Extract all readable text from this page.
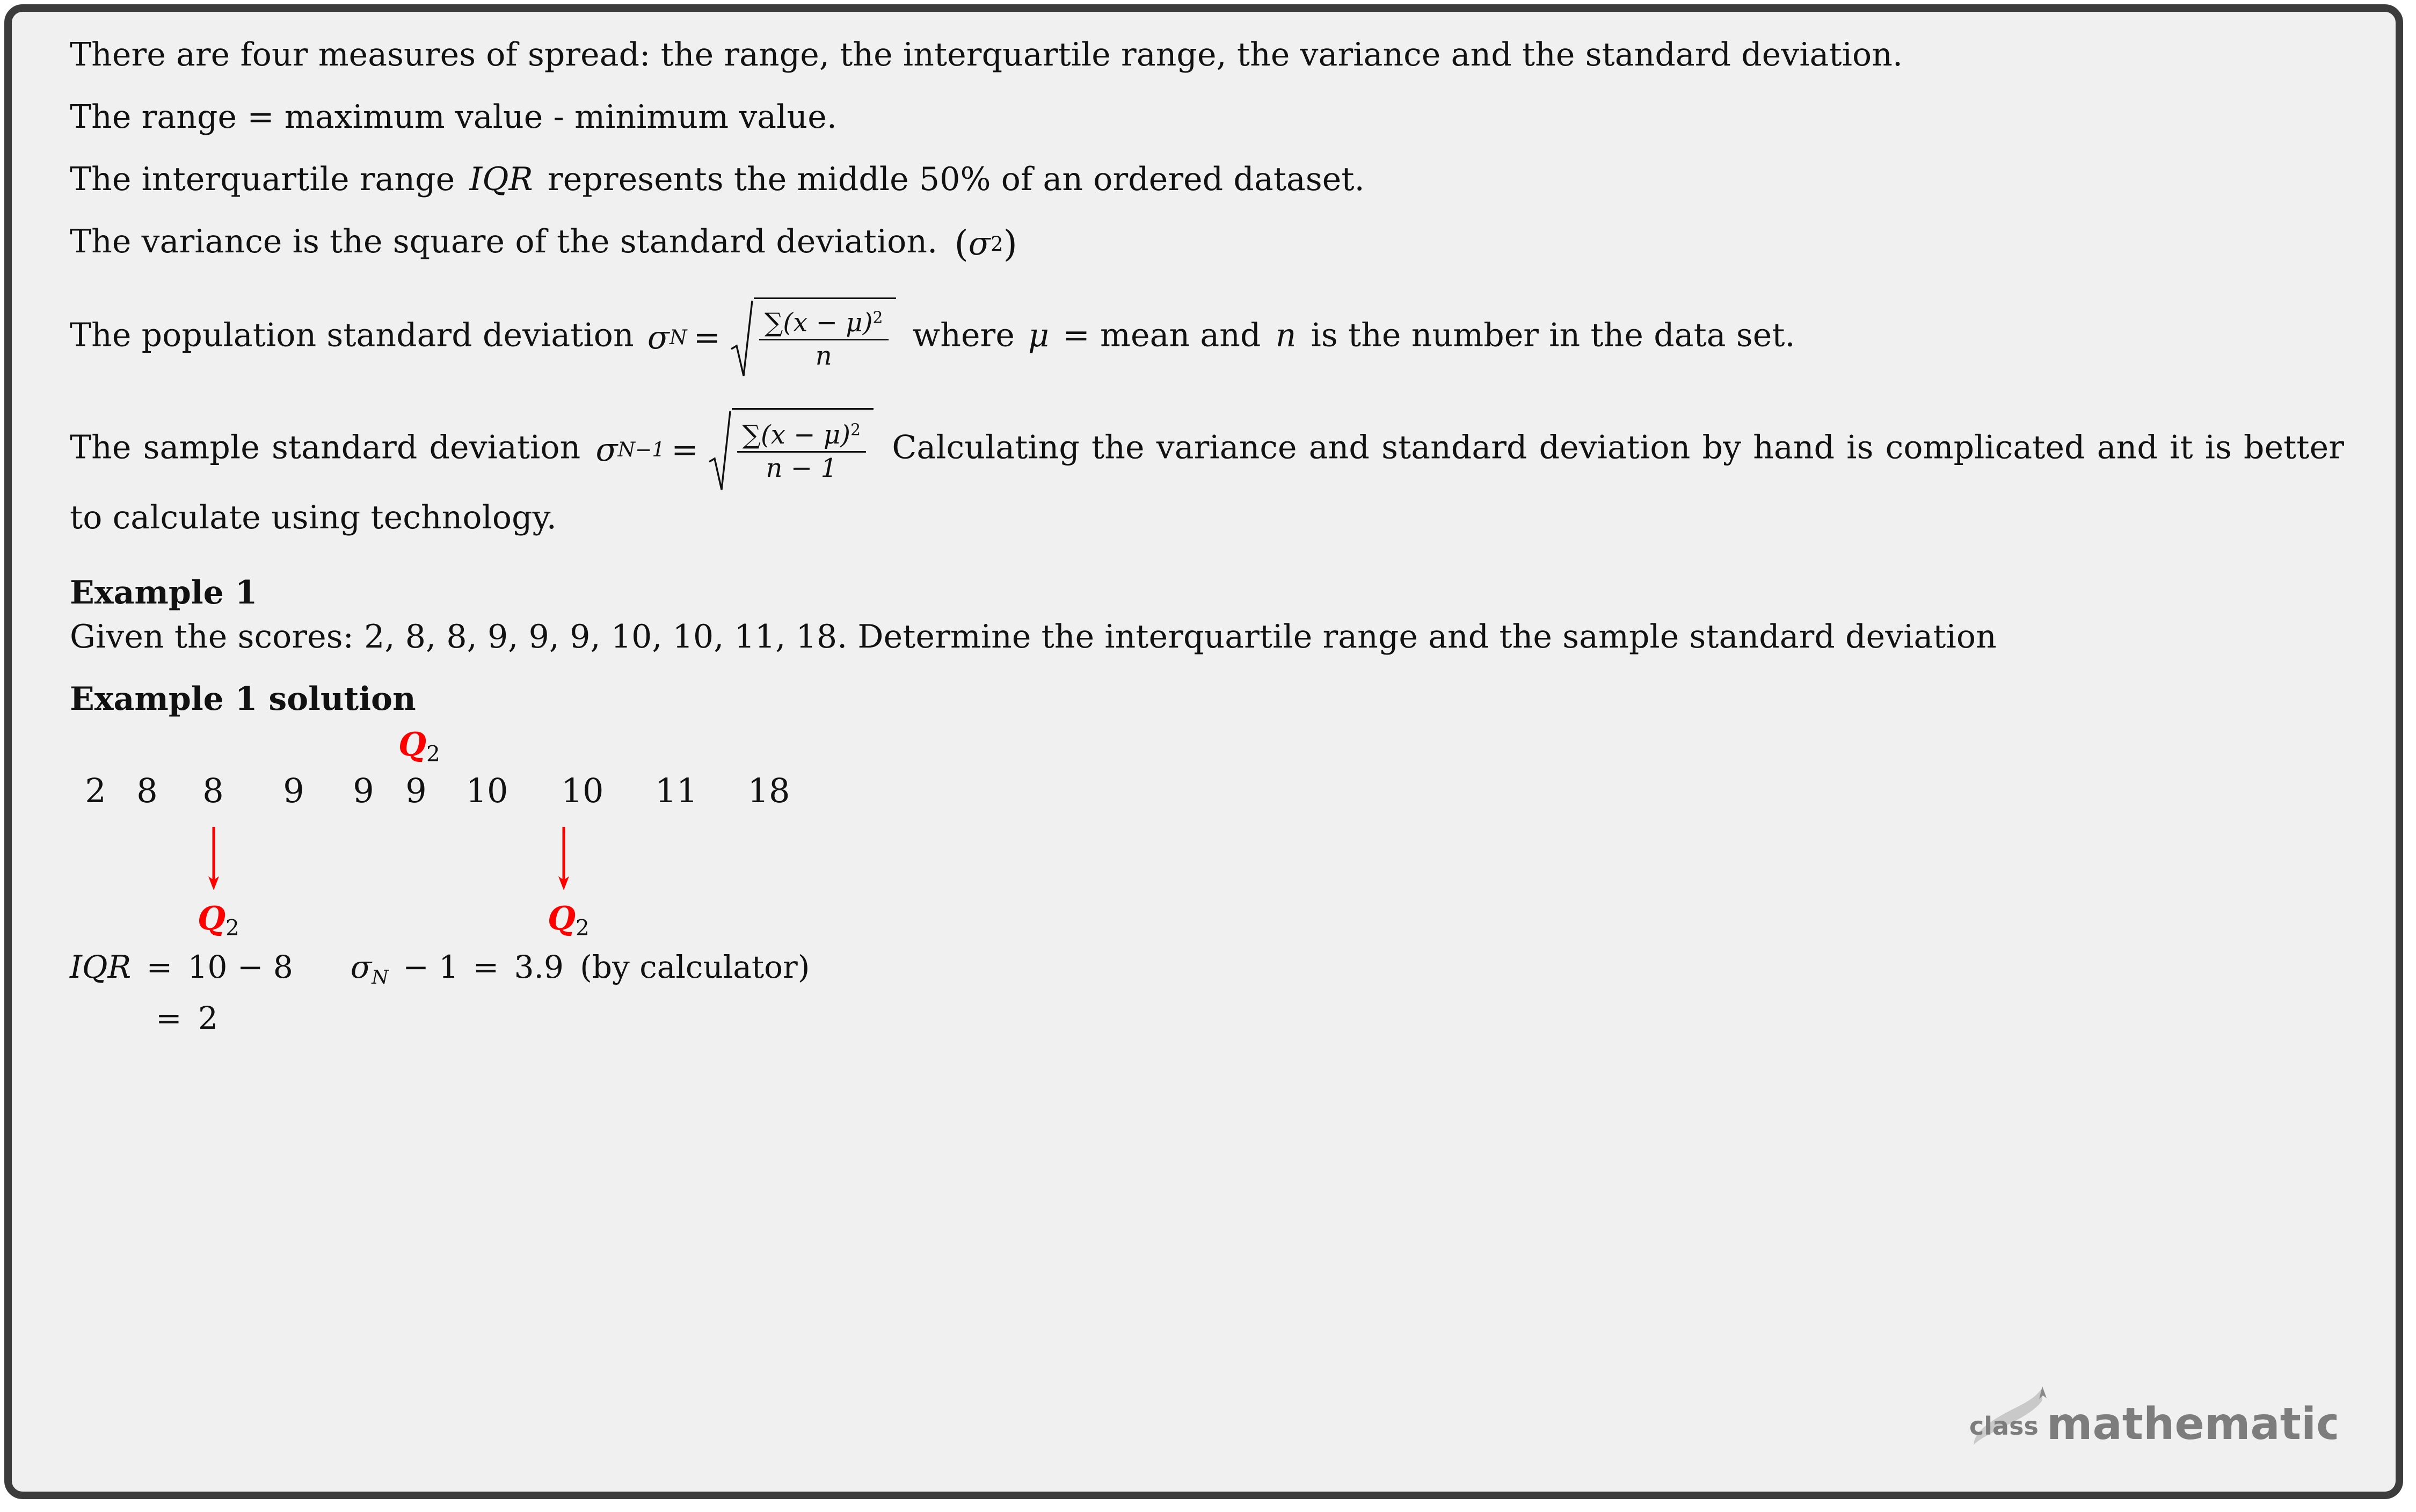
There are four measures of spread: the range, the interquartile range, the variance and the standard deviation.
The range = maximum value - minimum value.
The interquartile range IQR represents the middle 50% of an ordered dataset.
The variance is the square of the standard deviation. ( σ 2 )
The population standard deviation σ $N = \frac{\sum(x - \mu)^2}{n}$ where μ = mean and n is the number in the data set.
The sample standard deviation σ $N-1 = \frac{\sum(x - \mu)^2}{n - 1}$ Calculating the variance and standard deviation by hand is complicated and it is better to calculate using technology.
Example 1
Given the scores: 2, 8, 8, 9, 9, 9, 10, 10, 11, 18. Determine the interquartile range and the sample standard deviation
Example 1 solution
Q2
2 8 8 9 9 9 10 10 11 18
Q2	Q2
IQR = 10 − 8 $\sigma_N - 1 = 3.9$ (by calculator)
= 2
class mathematics
